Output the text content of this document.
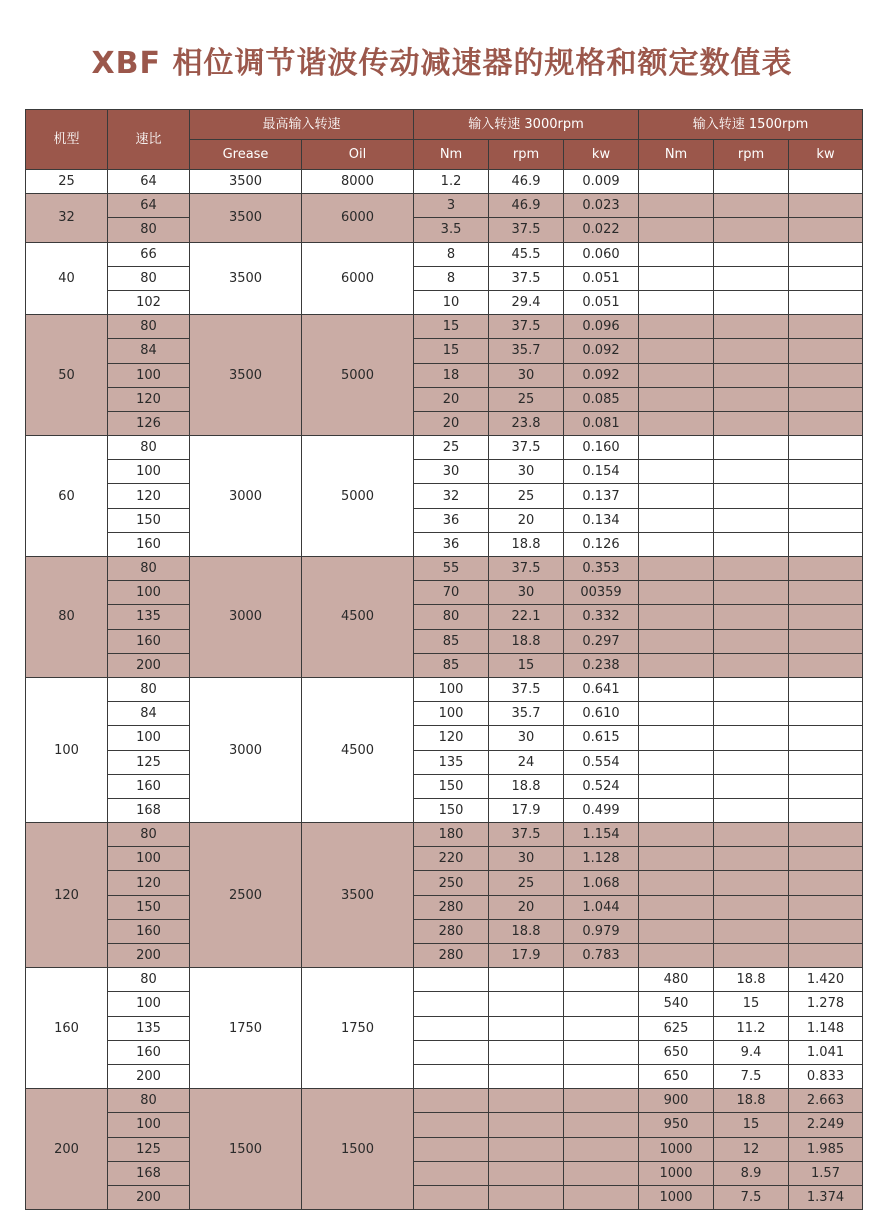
XBF 相位调节谐波传动减速器的规格和额定数值表
机型	速比	最高输入转速		输入转速 3000rpm			输入转速 1500rpm		
		Grease	Oil	Nm	rpm	kw	Nm	rpm	kw
25	64	3500	8000	1.2	46.9	0.009			
32	64	3500	6000	3	46.9	0.023			
	80			3.5	37.5	0.022			
40	66	3500	6000	8	45.5	0.060			
	80			8	37.5	0.051			
	102			10	29.4	0.051			
50	80	3500	5000	15	37.5	0.096			
	84			15	35.7	0.092			
	100			18	30	0.092			
	120			20	25	0.085			
	126			20	23.8	0.081			
60	80	3000	5000	25	37.5	0.160			
	100			30	30	0.154			
	120			32	25	0.137			
	150			36	20	0.134			
	160			36	18.8	0.126			
80	80	3000	4500	55	37.5	0.353			
	100			70	30	00359			
	135			80	22.1	0.332			
	160			85	18.8	0.297			
	200			85	15	0.238			
100	80	3000	4500	100	37.5	0.641			
	84			100	35.7	0.610			
	100			120	30	0.615			
	125			135	24	0.554			
	160			150	18.8	0.524			
	168			150	17.9	0.499			
120	80	2500	3500	180	37.5	1.154			
	100			220	30	1.128			
	120			250	25	1.068			
	150			280	20	1.044			
	160			280	18.8	0.979			
	200			280	17.9	0.783			
160	80	1750	1750				480	18.8	1.420
	100						540	15	1.278
	135						625	11.2	1.148
	160						650	9.4	1.041
	200						650	7.5	0.833
200	80	1500	1500				900	18.8	2.663
	100						950	15	2.249
	125						1000	12	1.985
	168						1000	8.9	1.57
	200						1000	7.5	1.374
